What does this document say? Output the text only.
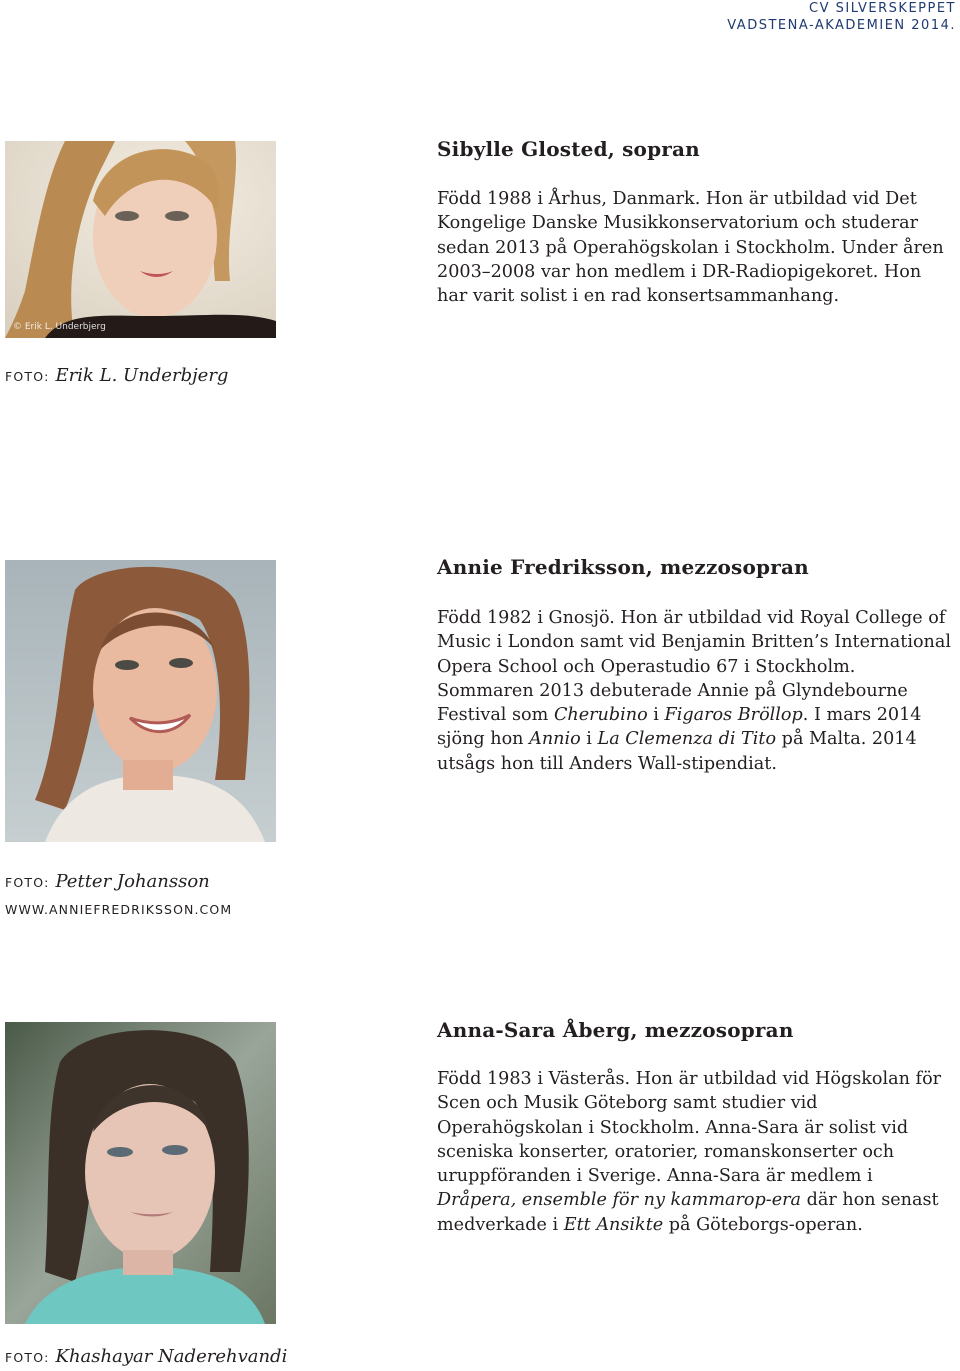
CV SILVERSKEPPET
VADSTENA-AKADEMIEN 2014.
© Erik L. Underbjerg
Sibylle Glosted, sopran

Född 1988 i Århus, Danmark. Hon är utbildad vid Det Kongelige Danske Musikkonservatorium och studerar sedan 2013 på Operahögskolan i Stockholm. Under åren 2003–2008 var hon medlem i DR-Radiopigekoret. Hon har varit solist i en rad konsertsammanhang.

FOTO: Erik L. Underbjerg
Annie Fredriksson, mezzosopran

Född 1982 i Gnosjö. Hon är utbildad vid Royal College of Music i London samt vid Benjamin Britten’s International Opera School och Operastudio 67 i Stockholm. Sommaren 2013 debuterade Annie på Glyndebourne Festival som Cherubino i Figaros Bröllop. I mars 2014 sjöng hon Annio i La Clemenza di Tito på Malta. 2014 utsågs hon till Anders Wall-stipendiat.

FOTO: Petter Johansson
WWW.ANNIEFREDRIKSSON.COM
Anna-Sara Åberg, mezzosopran

Född 1983 i Västerås. Hon är utbildad vid Högskolan för Scen och Musik Göteborg samt studier vid Operahögskolan i Stockholm. Anna-Sara är solist vid sceniska konserter, oratorier, romanskonserter och uruppföranden i Sverige. Anna-Sara är medlem i Dråpera, ensemble för ny kammarop-era där hon senast medverkade i Ett Ansikte på Göteborgs-operan.

FOTO: Khashayar Naderehvandi
